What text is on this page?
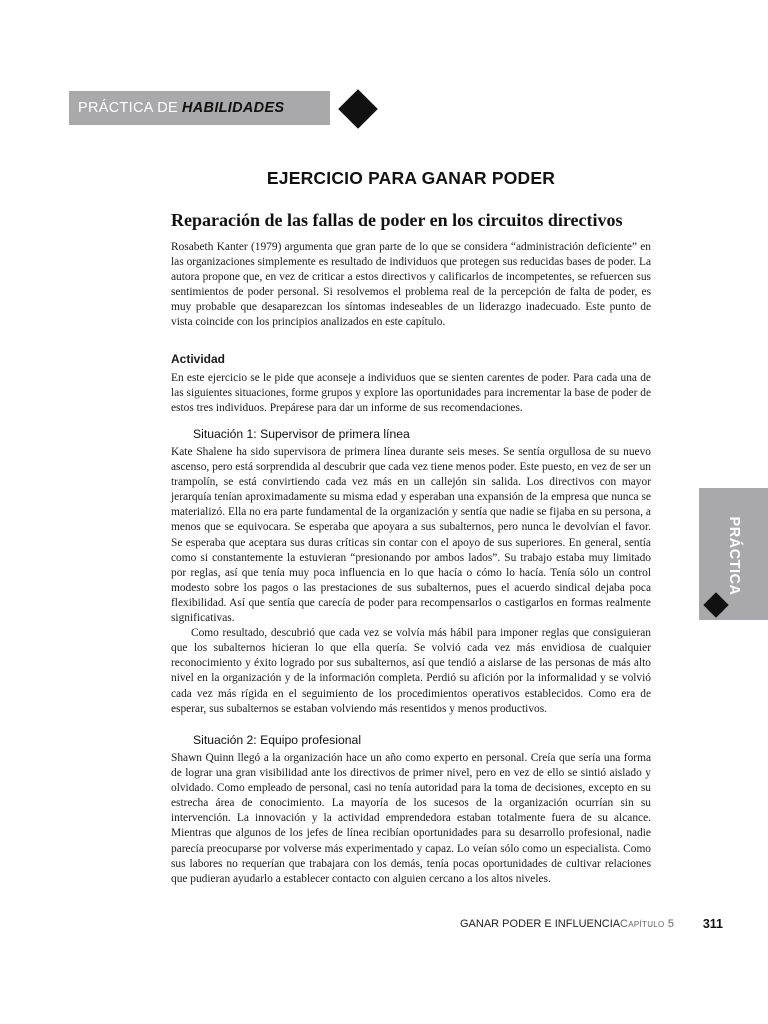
PRÁCTICA DE HABILIDADES
EJERCICIO PARA GANAR PODER
Reparación de las fallas de poder en los circuitos directivos

Rosabeth Kanter (1979) argumenta que gran parte de lo que se considera “administración deficiente” en las organizaciones simplemente es resultado de individuos que protegen sus reducidas bases de poder. La autora propone que, en vez de criticar a estos directivos y calificarlos de incompetentes, se refuercen sus sentimientos de poder personal. Si resolvemos el problema real de la percepción de falta de poder, es muy probable que desaparezcan los síntomas indeseables de un liderazgo inadecuado. Este punto de vista coincide con los principios analizados en este capítulo.

Actividad

En este ejercicio se le pide que aconseje a individuos que se sienten carentes de poder. Para cada una de las siguientes situaciones, forme grupos y explore las oportunidades para incrementar la base de poder de estos tres individuos. Prepárese para dar un informe de sus recomendaciones.

Situación 1: Supervisor de primera línea

Kate Shalene ha sido supervisora de primera línea durante seis meses. Se sentía orgullosa de su nuevo ascenso, pero está sorprendida al descubrir que cada vez tiene menos poder. Este puesto, en vez de ser un trampolín, se está convirtiendo cada vez más en un callejón sin salida. Los directivos con mayor jerarquía tenían aproximadamente su misma edad y esperaban una expansión de la empresa que nunca se materializó. Ella no era parte fundamental de la organización y sentía que nadie se fijaba en su persona, a menos que se equivocara. Se esperaba que apoyara a sus subalternos, pero nunca le devolvían el favor. Se esperaba que aceptara sus duras críticas sin contar con el apoyo de sus superiores. En general, sentía como si constantemente la estuvieran “presionando por ambos lados”. Su trabajo estaba muy limitado por reglas, así que tenía muy poca influencia en lo que hacía o cómo lo hacía. Tenía sólo un control modesto sobre los pagos o las prestaciones de sus subalternos, pues el acuerdo sindical dejaba poca flexibilidad. Así que sentía que carecía de poder para recompensarlos o castigarlos en formas realmente significativas.

Como resultado, descubrió que cada vez se volvía más hábil para imponer reglas que consiguieran que los subalternos hicieran lo que ella quería. Se volvió cada vez más envidiosa de cualquier reconocimiento y éxito logrado por sus subalternos, así que tendió a aislarse de las personas de más alto nivel en la organización y de la información completa. Perdió su afición por la informalidad y se volvió cada vez más rígida en el seguimiento de los procedimientos operativos establecidos. Como era de esperar, sus subalternos se estaban volviendo más resentidos y menos productivos.

Situación 2: Equipo profesional

Shawn Quinn llegó a la organización hace un año como experto en personal. Creía que sería una forma de lograr una gran visibilidad ante los directivos de primer nivel, pero en vez de ello se sintió aislado y olvidado. Como empleado de personal, casi no tenía autoridad para la toma de decisiones, excepto en su estrecha área de conocimiento. La mayoría de los sucesos de la organización ocurrían sin su intervención. La innovación y la actividad emprendedora estaban totalmente fuera de su alcance. Mientras que algunos de los jefes de línea recibían oportunidades para su desarrollo profesional, nadie parecía preocuparse por volverse más experimentado y capaz. Lo veían sólo como un especialista. Como sus labores no requerían que trabajara con los demás, tenía pocas oportunidades de cultivar relaciones que pudieran ayudarlo a establecer contacto con alguien cercano a los altos niveles.

PRÁCTICA
GANAR PODER E INFLUENCIA Capítulo 5 311
